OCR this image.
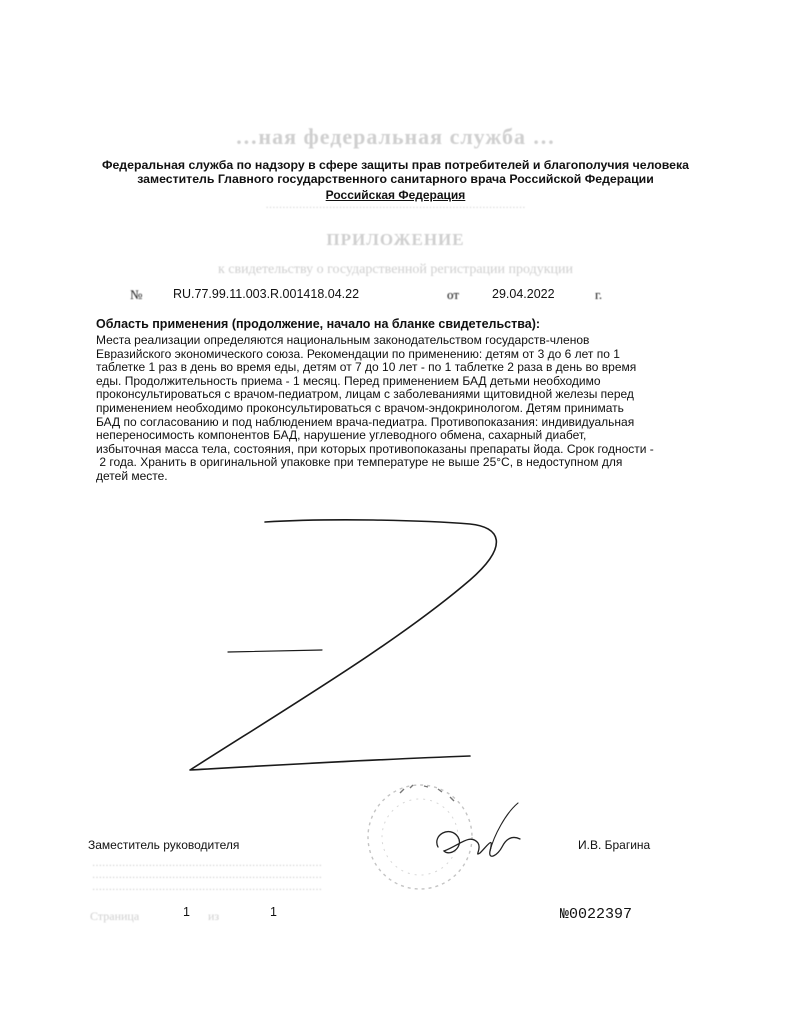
…ная федеральная служба …
Федеральная служба по надзору в сфере защиты прав потребителей и благополучия человека
заместитель Главного государственного санитарного врача Российской Федерации
Российская Федерация
……………………………………………………………………
ПРИЛОЖЕНИЕ
к свидетельству о государственной регистрации продукции
№ RU.77.99.11.003.R.001418.04.22	от	29.04.2022	г.
Область применения (продолжение, начало на бланке свидетельства):
Места реализации определяются национальным законодательством государств-членов
Евразийского экономического союза. Рекомендации по применению: детям от 3 до 6 лет по 1
таблетке 1 раз в день во время еды, детям от 7 до 10 лет - по 1 таблетке 2 раза в день во время
еды. Продолжительность приема - 1 месяц. Перед применением БАД детьми необходимо
проконсультироваться с врачом-педиатром, лицам с заболеваниями щитовидной железы перед
применением необходимо проконсультироваться с врачом-эндокринологом. Детям принимать
БАД по согласованию и под наблюдением врача-педиатра. Противопоказания: индивидуальная
непереносимость компонентов БАД, нарушение углеводного обмена, сахарный диабет,
избыточная масса тела, состояния, при которых противопоказаны препараты йода. Срок годности -
2 года. Хранить в оригинальной упаковке при температуре не выше 25°С, в недоступном для
детей месте.
Заместитель руководителя	И.В. Брагина
……………………………………………………………
……………………………………………………………
……………………………………………………………
Страница	1 из	1	№0022397
